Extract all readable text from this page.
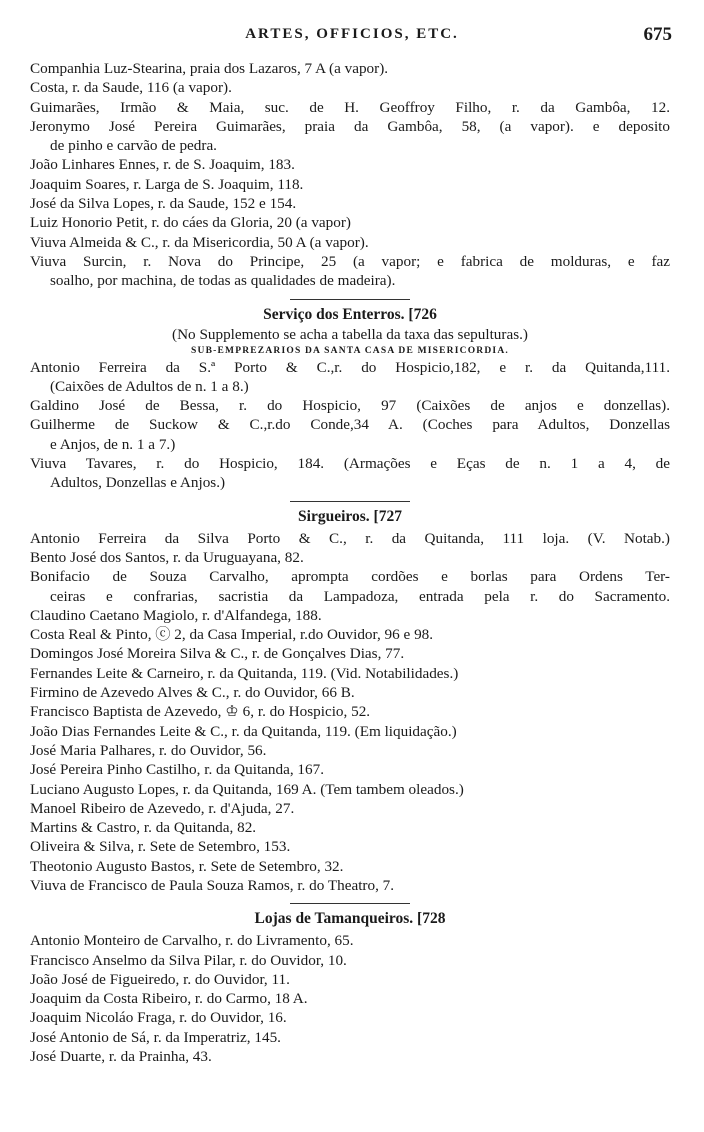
ARTES, OFFICIOS, ETC.	675
Companhia Luz-Stearina, praia dos Lazaros, 7 A (a vapor).
Costa, r. da Saude, 116 (a vapor).
Guimarães, Irmão & Maia, suc. de H. Geoffroy Filho, r. da Gambôa, 12.
Jeronymo José Pereira Guimarães, praia da Gambôa, 58, (a vapor). e deposito
de pinho e carvão de pedra.
João Linhares Ennes, r. de S. Joaquim, 183.
Joaquim Soares, r. Larga de S. Joaquim, 118.
José da Silva Lopes, r. da Saude, 152 e 154.
Luiz Honorio Petit, r. do cáes da Gloria, 20 (a vapor)
Viuva Almeida & C., r. da Misericordia, 50 A (a vapor).
Viuva Surcin, r. Nova do Principe, 25 (a vapor; e fabrica de molduras, e faz
soalho, por machina, de todas as qualidades de madeira).
Serviço dos Enterros. [726
(No Supplemento se acha a tabella da taxa das sepulturas.)
SUB-EMPREZARIOS DA SANTA CASA DE MISERICORDIA.
Antonio Ferreira da S.ª Porto & C.,r. do Hospicio,182, e r. da Quitanda,111.
(Caixões de Adultos de n. 1 a 8.)
Galdino José de Bessa, r. do Hospicio, 97 (Caixões de anjos e donzellas).
Guilherme de Suckow & C.,r.do Conde,34 A. (Coches para Adultos, Donzellas
e Anjos, de n. 1 a 7.)
Viuva Tavares, r. do Hospicio, 184. (Armações e Eças de n. 1 a 4, de
Adultos, Donzellas e Anjos.)
Sirgueiros. [727
Antonio Ferreira da Silva Porto & C., r. da Quitanda, 111 loja. (V. Notab.)
Bento José dos Santos, r. da Uruguayana, 82.
Bonifacio de Souza Carvalho, aprompta cordões e borlas para Ordens Ter-
ceiras e confrarias, sacristia da Lampadoza, entrada pela r. do Sacramento.
Claudino Caetano Magiolo, r. d'Alfandega, 188.
Costa Real & Pinto, ⓒ 2, da Casa Imperial, r.do Ouvidor, 96 e 98.
Domingos José Moreira Silva & C., r. de Gonçalves Dias, 77.
Fernandes Leite & Carneiro, r. da Quitanda, 119. (Vid. Notabilidades.)
Firmino de Azevedo Alves & C., r. do Ouvidor, 66 B.
Francisco Baptista de Azevedo, ♔ 6, r. do Hospicio, 52.
João Dias Fernandes Leite & C., r. da Quitanda, 119. (Em liquidação.)
José Maria Palhares, r. do Ouvidor, 56.
José Pereira Pinho Castilho, r. da Quitanda, 167.
Luciano Augusto Lopes, r. da Quitanda, 169 A. (Tem tambem oleados.)
Manoel Ribeiro de Azevedo, r. d'Ajuda, 27.
Martins & Castro, r. da Quitanda, 82.
Oliveira & Silva, r. Sete de Setembro, 153.
Theotonio Augusto Bastos, r. Sete de Setembro, 32.
Viuva de Francisco de Paula Souza Ramos, r. do Theatro, 7.
Lojas de Tamanqueiros. [728
Antonio Monteiro de Carvalho, r. do Livramento, 65.
Francisco Anselmo da Silva Pilar, r. do Ouvidor, 10.
João José de Figueiredo, r. do Ouvidor, 11.
Joaquim da Costa Ribeiro, r. do Carmo, 18 A.
Joaquim Nicoláo Fraga, r. do Ouvidor, 16.
José Antonio de Sá, r. da Imperatriz, 145.
José Duarte, r. da Prainha, 43.
